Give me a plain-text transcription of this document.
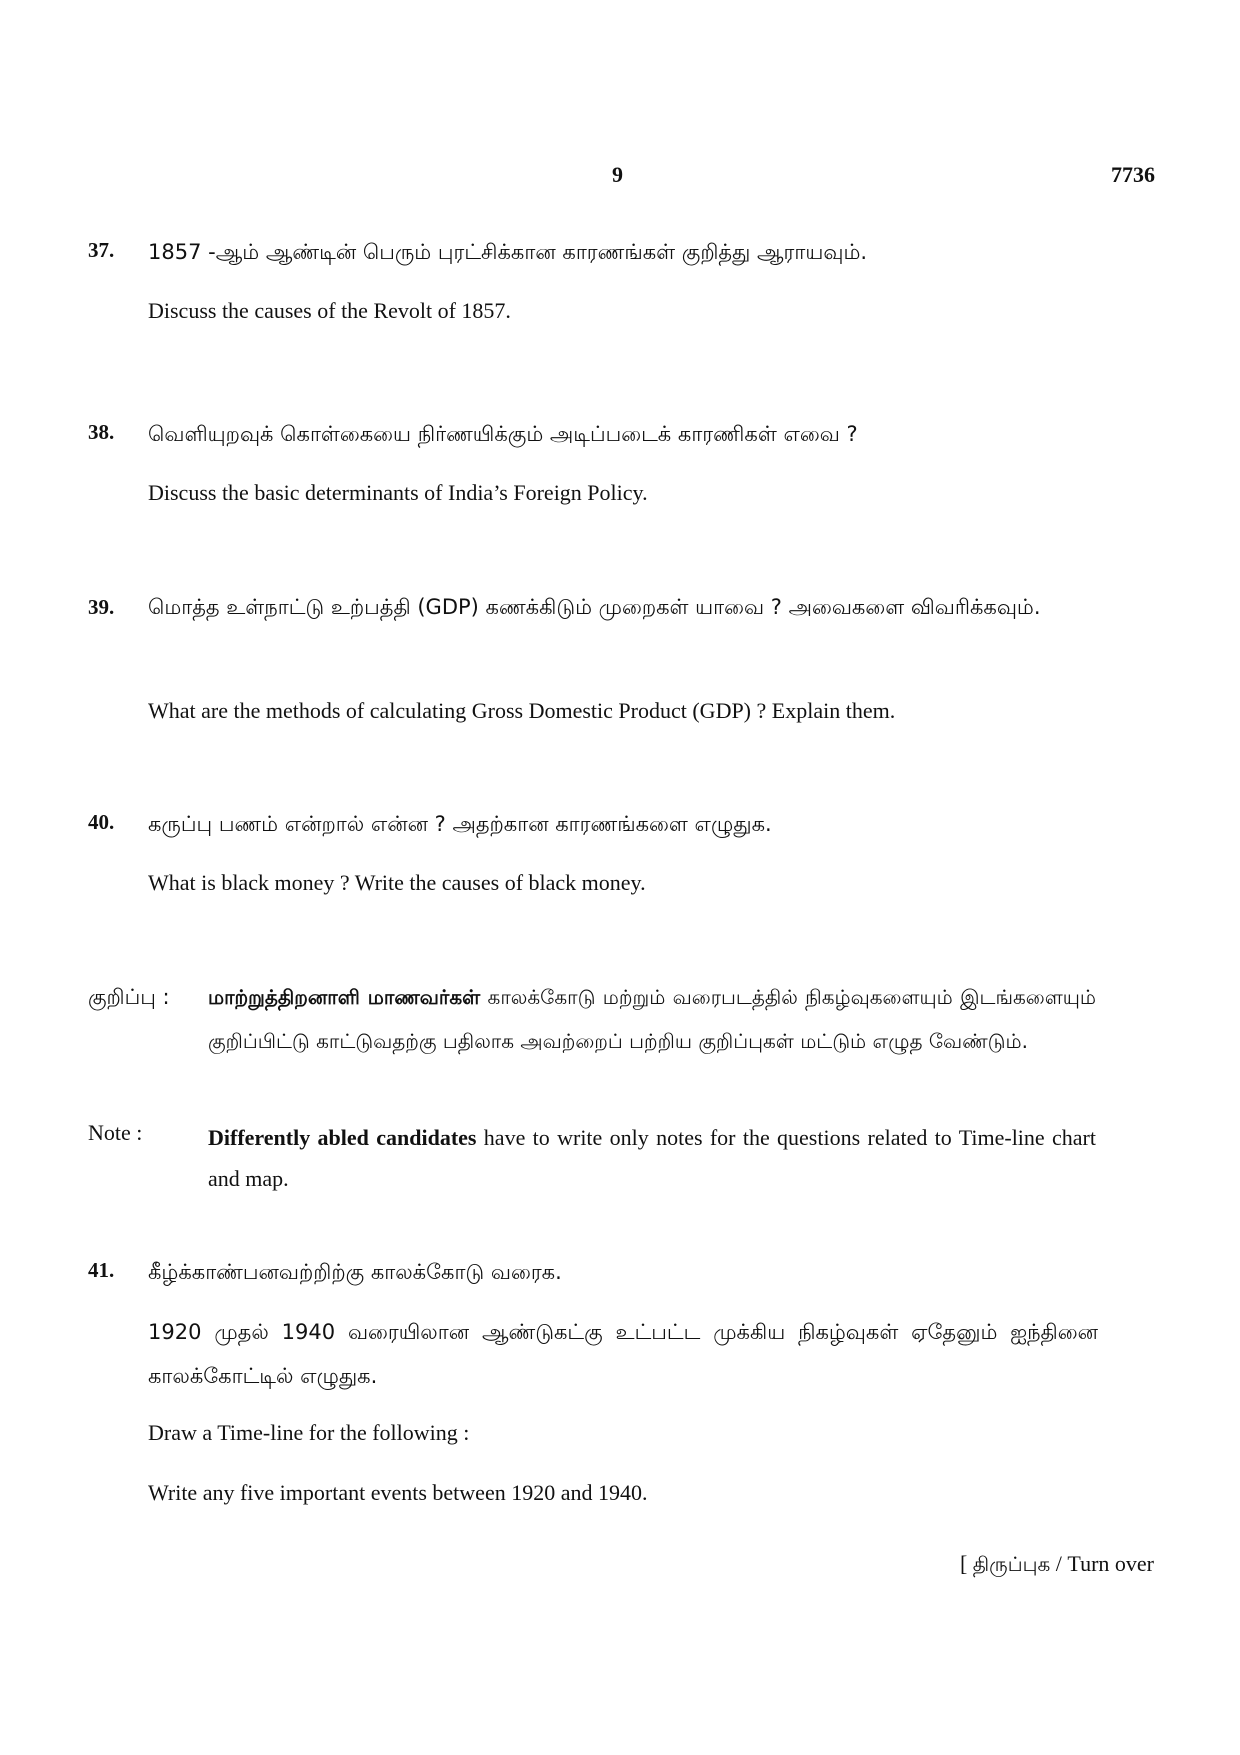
9	7736
37. 1857 -ஆம் ஆண்டின் பெரும் புரட்சிக்கான காரணங்கள் குறித்து ஆராயவும்.
Discuss the causes of the Revolt of 1857.
38. வெளியுறவுக் கொள்கையை நிர்ணயிக்கும் அடிப்படைக் காரணிகள் எவை ?
Discuss the basic determinants of India’s Foreign Policy.
39. மொத்த உள்நாட்டு உற்பத்தி (GDP) கணக்கிடும் முறைகள் யாவை ? அவைகளை விவரிக்கவும்.
What are the methods of calculating Gross Domestic Product (GDP) ? Explain them.
40. கருப்பு பணம் என்றால் என்ன ? அதற்கான காரணங்களை எழுதுக.
What is black money ? Write the causes of black money.
குறிப்பு : மாற்றுத்திறனாளி மாணவர்கள் காலக்கோடு மற்றும் வரைபடத்தில் நிகழ்வுகளையும் இடங்களையும் குறிப்பிட்டு காட்டுவதற்கு பதிலாக அவற்றைப் பற்றிய குறிப்புகள் மட்டும் எழுத வேண்டும்.
Note :	Differently abled candidates have to write only notes for the questions related to Time-line chart and map.
41. கீழ்க்காண்பனவற்றிற்கு காலக்கோடு வரைக.
1920 முதல் 1940 வரையிலான ஆண்டுகட்கு உட்பட்ட முக்கிய நிகழ்வுகள் ஏதேனும் ஐந்தினை காலக்கோட்டில் எழுதுக.
Draw a Time-line for the following :
Write any five important events between 1920 and 1940.
[ திருப்புக / Turn over
